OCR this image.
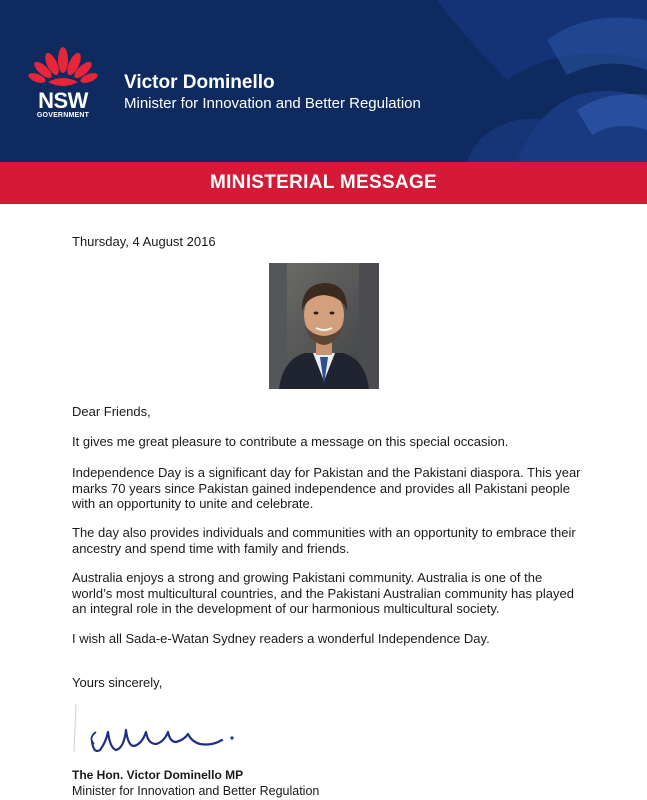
NSW
GOVERNMENT
Victor Dominello
Minister for Innovation and Better Regulation
MINISTERIAL MESSAGE
Thursday, 4 August 2016
Dear Friends,
It gives me great pleasure to contribute a message on this special occasion.
Independence Day is a significant day for Pakistan and the Pakistani diaspora. This year marks 70 years since Pakistan gained independence and provides all Pakistani people with an opportunity to unite and celebrate.
The day also provides individuals and communities with an opportunity to embrace their ancestry and spend time with family and friends.
Australia enjoys a strong and growing Pakistani community. Australia is one of the world’s most multicultural countries, and the Pakistani Australian community has played an integral role in the development of our harmonious multicultural society.
I wish all Sada-e-Watan Sydney readers a wonderful Independence Day.
Yours sincerely,
The Hon. Victor Dominello MP
Minister for Innovation and Better Regulation
